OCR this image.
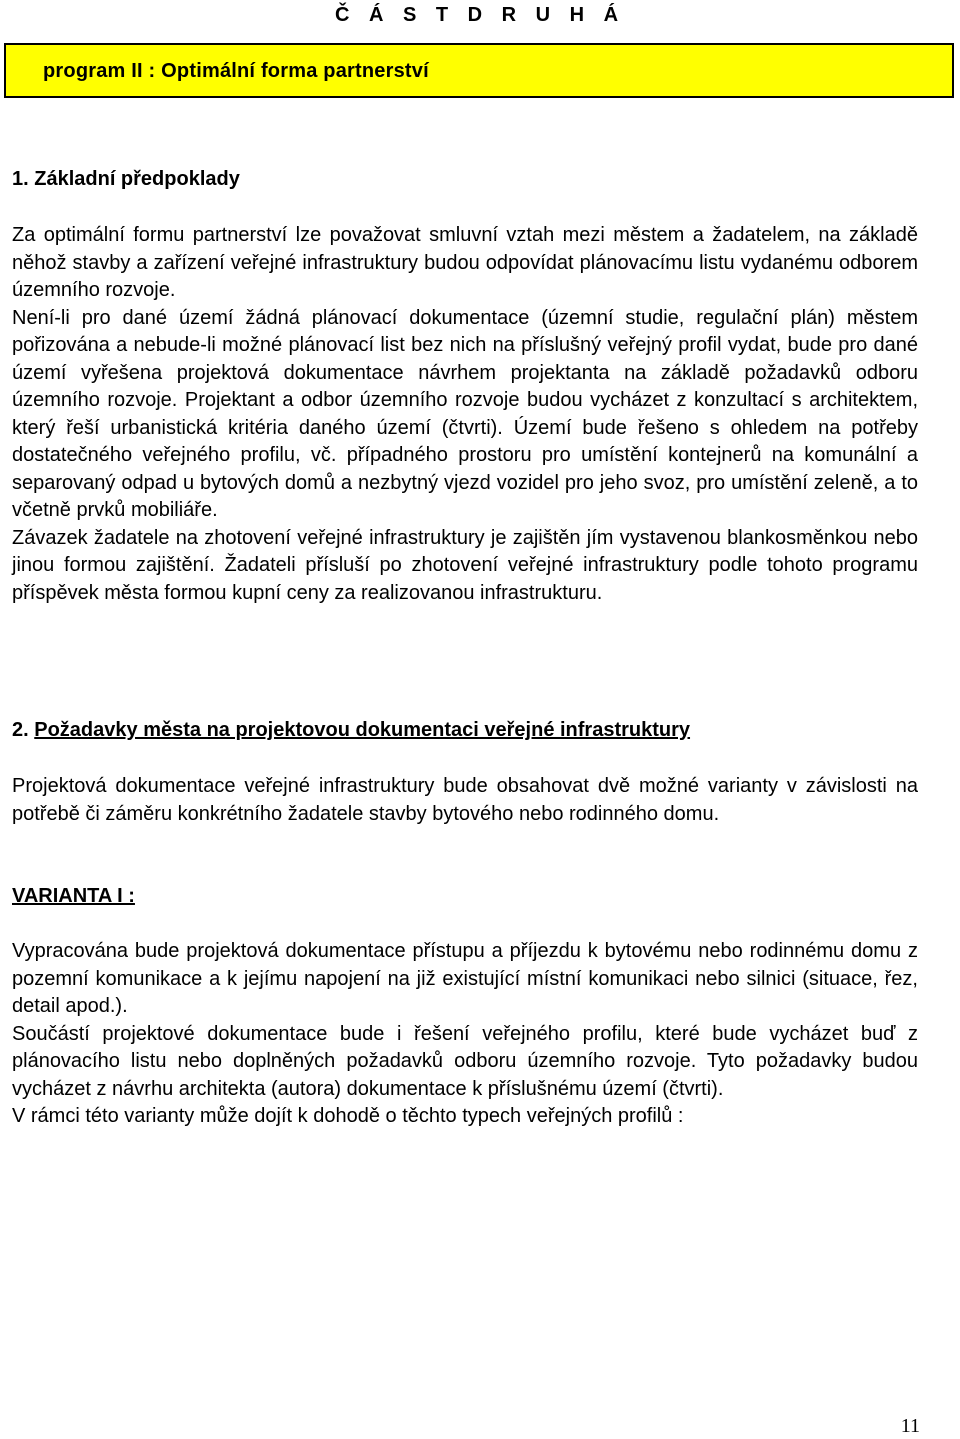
Č Á S T D R U H Á
program II : Optimální forma partnerství
1. Základní předpoklady

Za optimální formu partnerství lze považovat smluvní vztah mezi městem a žadatelem, na základě něhož stavby a zařízení veřejné infrastruktury budou odpovídat plánovacímu listu vydanému odborem územního rozvoje.

Není-li pro dané území žádná plánovací dokumentace (územní studie, regulační plán) městem pořizována a nebude-li možné plánovací list bez nich na příslušný veřejný profil vydat, bude pro dané území vyřešena projektová dokumentace návrhem projektanta na základě požadavků odboru územního rozvoje. Projektant a odbor územního rozvoje budou vycházet z konzultací s architektem, který řeší urbanistická kritéria daného území (čtvrti). Území bude řešeno s ohledem na potřeby dostatečného veřejného profilu, vč. případného prostoru pro umístění kontejnerů na komunální a separovaný odpad u bytových domů a nezbytný vjezd vozidel pro jeho svoz, pro umístění zeleně, a to včetně prvků mobiliáře.

Závazek žadatele na zhotovení veřejné infrastruktury je zajištěn jím vystavenou blankosměnkou nebo jinou formou zajištění. Žadateli přísluší po zhotovení veřejné infrastruktury podle tohoto programu příspěvek města formou kupní ceny za realizovanou infrastrukturu.

2. Požadavky města na projektovou dokumentaci veřejné infrastruktury

Projektová dokumentace veřejné infrastruktury bude obsahovat dvě možné varianty v závislosti na potřebě či záměru konkrétního žadatele stavby bytového nebo rodinného domu.

VARIANTA I :

Vypracována bude projektová dokumentace přístupu a příjezdu k bytovému nebo rodinnému domu z pozemní komunikace a k jejímu napojení na již existující místní komunikaci nebo silnici (situace, řez, detail apod.).

Součástí projektové dokumentace bude i řešení veřejného profilu, které bude vycházet buď z plánovacího listu nebo doplněných požadavků odboru územního rozvoje. Tyto požadavky budou vycházet z návrhu architekta (autora) dokumentace k příslušnému území (čtvrti).

V rámci této varianty může dojít k dohodě o těchto typech veřejných profilů :

11
